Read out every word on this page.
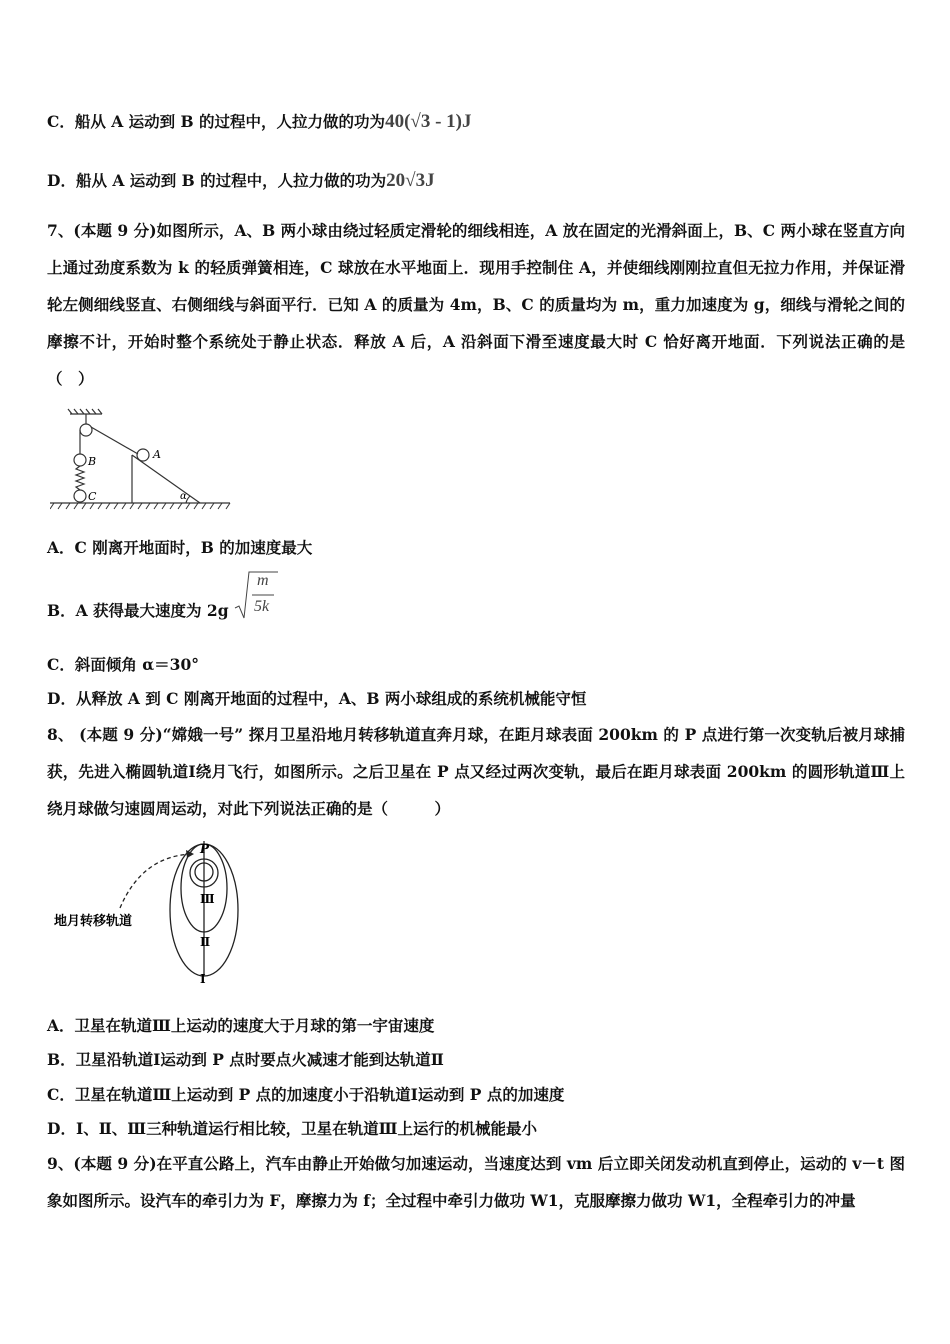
C．船从 A 运动到 B 的过程中，人拉力做的功为40(√3 - 1)J
D．船从 A 运动到 B 的过程中，人拉力做的功为20√3J
7、(本题 9 分)如图所示，A、B 两小球由绕过轻质定滑轮的细线相连，A 放在固定的光滑斜面上，B、C 两小球在竖直方向上通过劲度系数为 k 的轻质弹簧相连，C 球放在水平地面上．现用手控制住 A，并使细线刚刚拉直但无拉力作用，并保证滑轮左侧细线竖直、右侧细线与斜面平行．已知 A 的质量为 4m，B、C 的质量均为 m，重力加速度为 g，细线与滑轮之间的摩擦不计，开始时整个系统处于静止状态．释放 A 后，A 沿斜面下滑至速度最大时 C 恰好离开地面．下列说法正确的是（　）
B
C
A
α
A．C 刚离开地面时，B 的加速度最大
B．A 获得最大速度为 2g
m
5k
C．斜面倾角 α＝30°
D．从释放 A 到 C 刚离开地面的过程中，A、B 两小球组成的系统机械能守恒
8、 (本题 9 分)“嫦娥一号” 探月卫星沿地月转移轨道直奔月球，在距月球表面 200km 的 P 点进行第一次变轨后被月球捕获，先进入椭圆轨道Ⅰ绕月飞行，如图所示。之后卫星在 P 点又经过两次变轨，最后在距月球表面 200km 的圆形轨道Ⅲ上绕月球做匀速圆周运动，对此下列说法正确的是（　　　）
地月转移轨道
P
Ⅲ
Ⅱ
Ⅰ
A．卫星在轨道Ⅲ上运动的速度大于月球的第一宇宙速度
B．卫星沿轨道Ⅰ运动到 P 点时要点火减速才能到达轨道Ⅱ
C．卫星在轨道Ⅲ上运动到 P 点的加速度小于沿轨道Ⅰ运动到 P 点的加速度
D．Ⅰ、Ⅱ、Ⅲ三种轨道运行相比较，卫星在轨道Ⅲ上运行的机械能最小
9、(本题 9 分)在平直公路上，汽车由静止开始做匀加速运动，当速度达到 vm 后立即关闭发动机直到停止，运动的 v－t 图象如图所示。设汽车的牵引力为 F，摩擦力为 f；全过程中牵引力做功 W1，克服摩擦力做功 W1，全程牵引力的冲量
